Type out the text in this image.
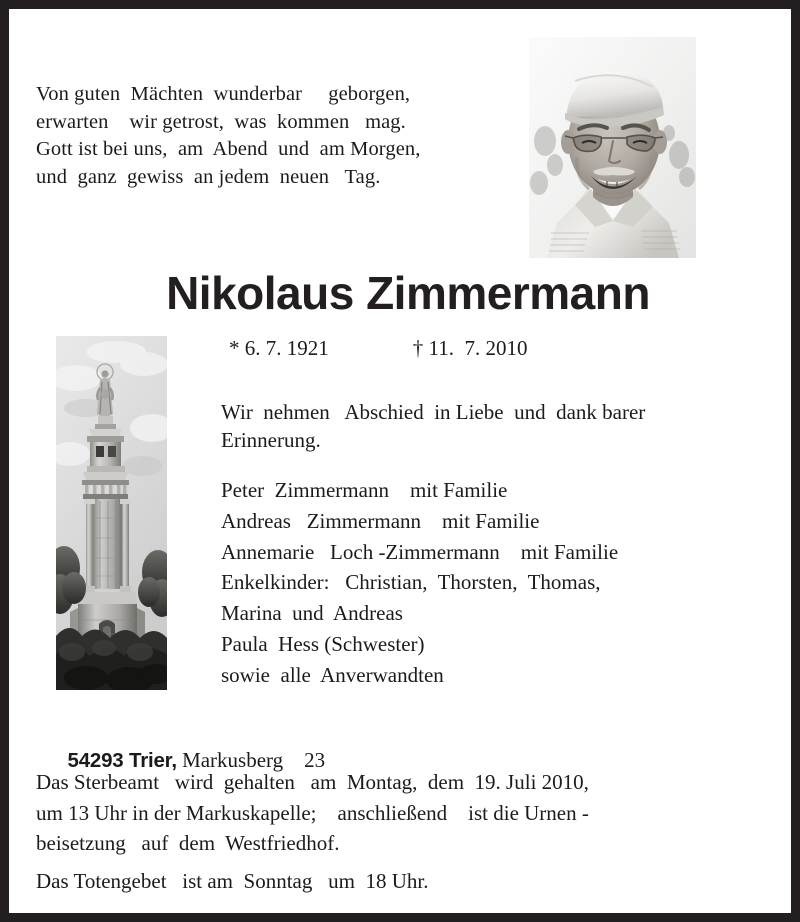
Von guten  Mächten  wunderbar     geborgen,
erwarten    wir getrost,  was  kommen   mag.
Gott ist bei uns,  am  Abend  und  am Morgen,
und  ganz  gewiss  an jedem  neuen   Tag.
Nikolaus Zimmermann
* 6. 7. 1921	† 11.  7. 2010
Wir  nehmen   Abschied  in Liebe  und  dank barer
Erinnerung.
Peter  Zimmermann    mit Familie
Andreas   Zimmermann    mit Familie
Annemarie   Loch -Zimmermann    mit Familie
Enkelkinder:   Christian,  Thorsten,  Thomas,
Marina  und  Andreas
Paula  Hess (Schwester)
sowie  alle  Anverwandten

54293 Trier, Markusberg    23

Das Sterbeamt   wird  gehalten   am  Montag,  dem  19. Juli 2010,
um 13 Uhr in der Markuskapelle;    anschließend    ist die Urnen -
beisetzung   auf  dem  Westfriedhof.
Das Totengebet   ist am  Sonntag   um  18 Uhr.
